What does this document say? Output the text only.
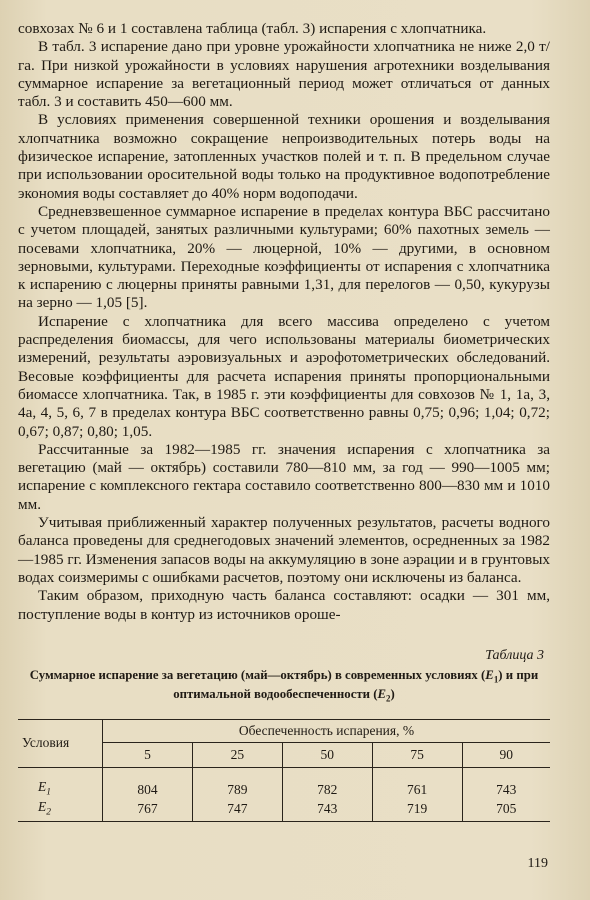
совхозах № 6 и 1 составлена таблица (табл. 3) испарения с хлопчатника.

В табл. 3 испарение дано при уровне урожайности хлопчатника не ниже 2,0 т/га. При низкой урожайности в условиях нарушения агротехники возделывания суммарное испарение за вегетационный период может отличаться от данных табл. 3 и составить 450—600 мм.

В условиях применения совершенной техники орошения и возделывания хлопчатника возможно сокращение непроизводительных потерь воды на физическое испарение, затопленных участков полей и т. п. В предельном случае при использовании оросительной воды только на продуктивное водопотребление экономия воды составляет до 40% норм водоподачи.

Средневзвешенное суммарное испарение в пределах контура ВБС рассчитано с учетом площадей, занятых различными культурами; 60% пахотных земель — посевами хлопчатника, 20% — люцерной, 10% — другими, в основном зерновыми, культурами. Переходные коэффициенты от испарения с хлопчатника к испарению с люцерны приняты равными 1,31, для перелогов — 0,50, кукурузы на зерно — 1,05 [5].

Испарение с хлопчатника для всего массива определено с учетом распределения биомассы, для чего использованы материалы биометрических измерений, результаты аэровизуальных и аэрофотометрических обследований. Весовые коэффициенты для расчета испарения приняты пропорциональными биомассе хлопчатника. Так, в 1985 г. эти коэффициенты для совхозов № 1, 1а, 3, 4а, 4, 5, 6, 7 в пределах контура ВБС соответственно равны 0,75; 0,96; 1,04; 0,72; 0,67; 0,87; 0,80; 1,05.

Рассчитанные за 1982—1985 гг. значения испарения с хлопчатника за вегетацию (май — октябрь) составили 780—810 мм, за год — 990—1005 мм; испарение с комплексного гектара составило соответственно 800—830 мм и 1010 мм.

Учитывая приближенный характер полученных результатов, расчеты водного баланса проведены для среднегодовых значений элементов, осредненных за 1982—1985 гг. Изменения запасов воды на аккумуляцию в зоне аэрации и в грунтовых водах соизмеримы с ошибками расчетов, поэтому они исключены из баланса.

Таким образом, приходную часть баланса составляют: осадки — 301 мм, поступление воды в контур из источников ороше-

Таблица 3
Суммарное испарение за вегетацию (май—октябрь) в современных условиях $(E_1)$ и при оптимальной водообеспеченности $(E_2)$
Условия	Обеспеченность испарения, %				
	5	25	50	75	90
$E_1$	804	789	782	761	743
$E_2$	767	747	743	719	705
119
